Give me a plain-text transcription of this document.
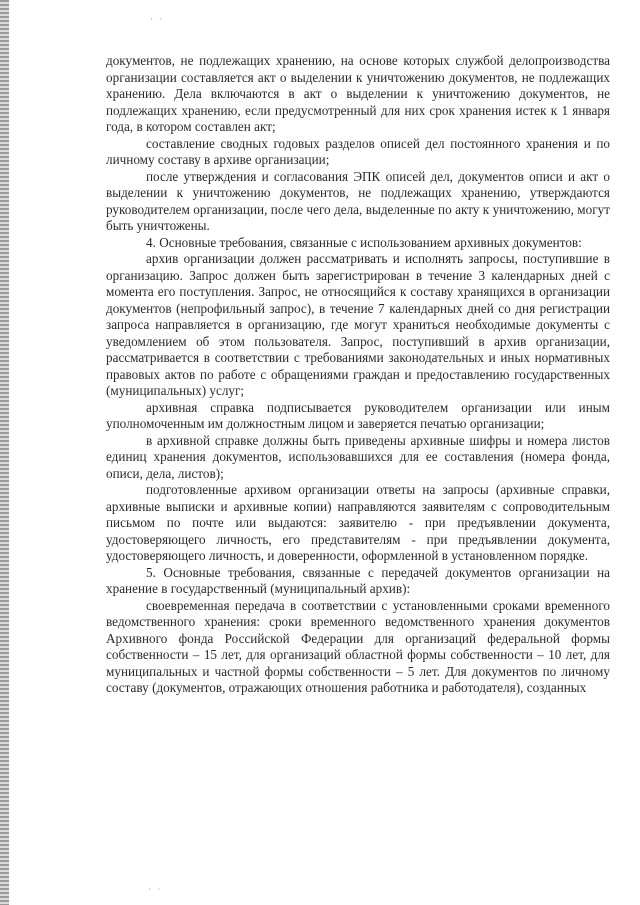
· ·

документов, не подлежащих хранению, на основе которых службой делопроизводства организации составляется акт о выделении к уничтожению документов, не подлежащих хранению. Дела включаются в акт о выделении к уничтожению документов, не подлежащих хранению, если предусмотренный для них срок хранения истек к 1 января года, в котором составлен акт;

составление сводных годовых разделов описей дел постоянного хранения и по личному составу в архиве организации;

после утверждения и согласования ЭПК описей дел, документов описи и акт о выделении к уничтожению документов, не подлежащих хранению, утверждаются руководителем организации, после чего дела, выделенные по акту к уничтожению, могут быть уничтожены.

4. Основные требования, связанные с использованием архивных документов:

архив организации должен рассматривать и исполнять запросы, поступившие в организацию. Запрос должен быть зарегистрирован в течение 3 календарных дней с момента его поступления. Запрос, не относящийся к составу хранящихся в организации документов (непрофильный запрос), в течение 7 календарных дней со дня регистрации запроса направляется в организацию, где могут храниться необходимые документы с уведомлением об этом пользователя. Запрос, поступивший в архив организации, рассматривается в соответствии с требованиями законодательных и иных нормативных правовых актов по работе с обращениями граждан и предоставлению государственных (муниципальных) услуг;

архивная справка подписывается руководителем организации или иным уполномоченным им должностным лицом и заверяется печатью организации;

в архивной справке должны быть приведены архивные шифры и номера листов единиц хранения документов, использовавшихся для ее составления (номера фонда, описи, дела, листов);

подготовленные архивом организации ответы на запросы (архивные справки, архивные выписки и архивные копии) направляются заявителям с сопроводительным письмом по почте или выдаются: заявителю - при предъявлении документа, удостоверяющего личность, его представителям - при предъявлении документа, удостоверяющего личность, и доверенности, оформленной в установленном порядке.

5. Основные требования, связанные с передачей документов организации на хранение в государственный (муниципальный архив):

своевременная передача в соответствии с установленными сроками временного ведомственного хранения: сроки временного ведомственного хранения документов Архивного фонда Российской Федерации для организаций федеральной формы собственности – 15 лет, для организаций областной формы собственности – 10 лет, для муниципальных и частной формы собственности – 5 лет. Для документов по личному составу (документов, отражающих отношения работника и работодателя), созданных

· ·
